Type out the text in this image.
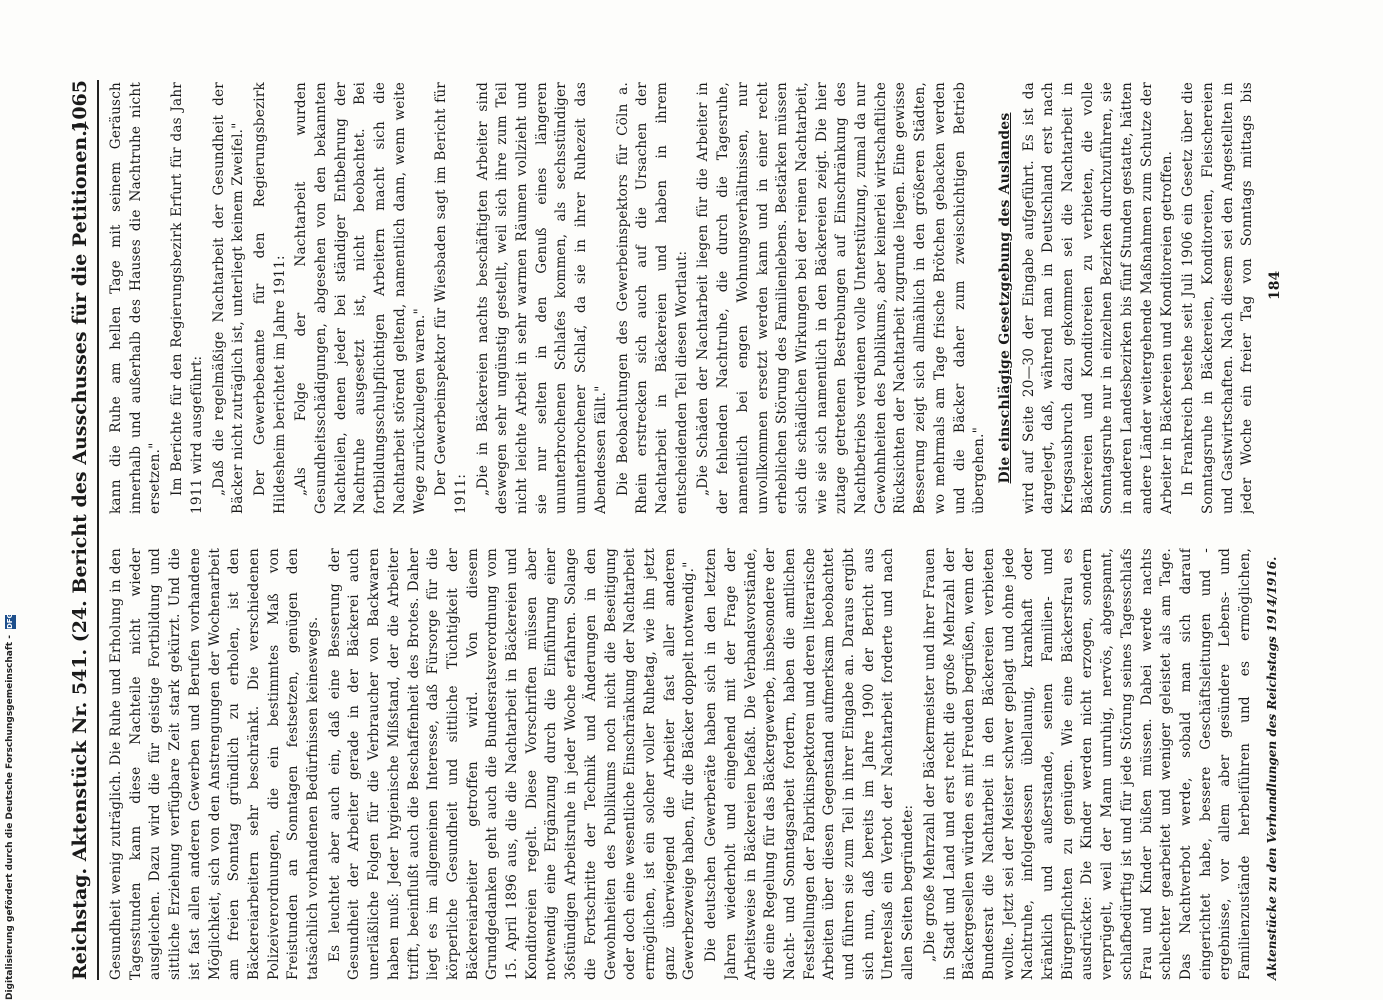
Reichstag. Aktenstück Nr. 541. (24. Bericht des Ausschusses für die Petitionen.)
1065

Gesundheit wenig zuträglich. Die Ruhe und Erholung in den Tagesstunden kann diese Nachteile nicht wieder ausgleichen. Dazu wird die für geistige Fortbildung und sittliche Erziehung verfügbare Zeit stark gekürzt. Und die ist fast allen anderen Gewerben und Berufen vorhandene Möglichkeit, sich von den Anstrengungen der Wochenarbeit am freien Sonntag gründlich zu erholen, ist den Bäckereiarbeitern sehr beschränkt. Die verschiedenen Polizeiverordnungen, die ein bestimmtes Maß von Freistunden an Sonntagen festsetzen, genügen den tatsächlich vorhandenen Bedürfnissen keineswegs. Es leuchtet aber auch ein, daß eine Besserung der Gesundheit der Arbeiter gerade in der Bäckerei auch unerläßliche Folgen für die Verbraucher von Backwaren haben muß: Jeder hygienische Mißstand, der die Arbeiter trifft, beeinflußt auch die Beschaffenheit des Brotes. Daher liegt es im allgemeinen Interesse, daß Fürsorge für die körperliche Gesundheit und sittliche Tüchtigkeit der Bäckereiarbeiter getroffen wird. Von diesem Grundgedanken geht auch die Bundesratsverordnung vom 15. April 1896 aus, die die Nachtarbeit in Bäckereien und Konditoreien regelt. Diese Vorschriften müssen aber notwendig eine Ergänzung durch die Einführung einer 36stündigen Arbeitsruhe in jeder Woche erfahren. Solange die Fortschritte der Technik und Änderungen in den Gewohnheiten des Publikums noch nicht die Beseitigung oder doch eine wesentliche Einschränkung der Nachtarbeit ermöglichen, ist ein solcher voller Ruhetag, wie ihn jetzt ganz überwiegend die Arbeiter fast aller anderen Gewerbezweige haben, für die Bäcker doppelt notwendig." Die deutschen Gewerberäte haben sich in den letzten Jahren wiederholt und eingehend mit der Frage der Arbeitsweise in Bäckereien befaßt. Die Verbandsvorstände, die eine Regelung für das Bäckergewerbe, insbesondere der Nacht- und Sonntagsarbeit fordern, haben die amtlichen Feststellungen der Fabrikinspektoren und deren literarische Arbeiten über diesen Gegenstand aufmerksam beobachtet und führen sie zum Teil in ihrer Eingabe an. Daraus ergibt sich nun, daß bereits im Jahre 1900 der Bericht aus Unterelsaß ein Verbot der Nachtarbeit forderte und nach allen Seiten begründete: „Die große Mehrzahl der Bäckermeister und ihrer Frauen in Stadt und Land und erst recht die große Mehrzahl der Bäckergesellen würden es mit Freuden begrüßen, wenn der Bundesrat die Nachtarbeit in den Bäckereien verbieten wollte. Jetzt sei der Meister schwer geplagt und ohne jede Nachtruhe, infolgedessen übellaunig, krankhaft oder kränklich und außerstande, seinen Familien- und Bürgerpflichten zu genügen. Wie eine Bäckersfrau es ausdrückte: Die Kinder werden nicht erzogen, sondern verprügelt, weil der Mann unruhig, nervös, abgespannt, schlafbedürftig ist und für jede Störung seines Tagesschlafs Frau und Kinder büßen müssen. Dabei werde nachts schlechter gearbeitet und weniger geleistet als am Tage. Das Nachtverbot werde, sobald man sich darauf eingerichtet habe, bessere Geschäftsleitungen und -ergebnisse, vor allem aber gesündere Lebens- und Familienzustände herbeiführen und es ermöglichen,

kann die Ruhe am hellen Tage mit seinem Geräusch innerhalb und außerhalb des Hauses die Nachtruhe nicht ersetzen." Im Berichte für den Regierungsbezirk Erfurt für das Jahr 1911 wird ausgeführt: „Daß die regelmäßige Nachtarbeit der Gesundheit der Bäcker nicht zuträglich ist, unterliegt keinem Zweifel." Der Gewerbebeamte für den Regierungsbezirk Hildesheim berichtet im Jahre 1911: „Als Folge der Nachtarbeit wurden Gesundheitsschädigungen, abgesehen von den bekannten Nachteilen, denen jeder bei ständiger Entbehrung der Nachtruhe ausgesetzt ist, nicht beobachtet. Bei fortbildungsschulpflichtigen Arbeitern macht sich die Nachtarbeit störend geltend, namentlich dann, wenn weite Wege zurückzulegen waren." Der Gewerbeinspektor für Wiesbaden sagt im Bericht für 1911: „Die in Bäckereien nachts beschäftigten Arbeiter sind deswegen sehr ungünstig gestellt, weil sich ihre zum Teil nicht leichte Arbeit in sehr warmen Räumen vollzieht und sie nur selten in den Genuß eines längeren ununterbrochenen Schlafes kommen, als sechsstündiger ununterbrochener Schlaf, da sie in ihrer Ruhezeit das Abendessen fällt." Die Beobachtungen des Gewerbeinspektors für Cöln a. Rhein erstrecken sich auch auf die Ursachen der Nachtarbeit in Bäckereien und haben in ihrem entscheidenden Teil diesen Wortlaut: „Die Schäden der Nachtarbeit liegen für die Arbeiter in der fehlenden Nachtruhe, die durch die Tagesruhe, namentlich bei engen Wohnungsverhältnissen, nur unvollkommen ersetzt werden kann und in einer recht erheblichen Störung des Familienlebens. Bestärken müssen sich die schädlichen Wirkungen bei der reinen Nachtarbeit, wie sie sich namentlich in den Bäckereien zeigt. Die hier zutage getretenen Bestrebungen auf Einschränkung des Nachtbetriebs verdienen volle Unterstützung, zumal da nur Gewohnheiten des Publikums, aber keinerlei wirtschaftliche Rücksichten der Nachtarbeit zugrunde liegen. Eine gewisse Besserung zeigt sich allmählich in den größeren Städten, wo mehrmals am Tage frische Brötchen gebacken werden und die Bäcker daher zum zweischichtigen Betrieb übergehen." Die einschlägige Gesetzgebung des Auslandes wird auf Seite 20—30 der Eingabe aufgeführt. Es ist da dargelegt, daß, während man in Deutschland erst nach Kriegsausbruch dazu gekommen sei die Nachtarbeit in Bäckereien und Konditoreien zu verbieten, die volle Sonntagsruhe nur in einzelnen Bezirken durchzuführen, sie in anderen Landesbezirken bis fünf Stunden gestatte, hätten andere Länder weitergehende Maßnahmen zum Schutze der Arbeiter in Bäckereien und Konditoreien getroffen. In Frankreich bestehe seit Juli 1906 ein Gesetz über die Sonntagsruhe in Bäckereien, Konditoreien, Fleischereien und Gastwirtschaften. Nach diesem sei den Angestellten in jeder Woche ein freier Tag von Sonntags mittags bis

Aktenstücke zu den Verhandlungen des Reichstags 1914/1916.
184
Digitalisierung gefördert durch die Deutsche Forschungsgemeinschaft -
DFG
